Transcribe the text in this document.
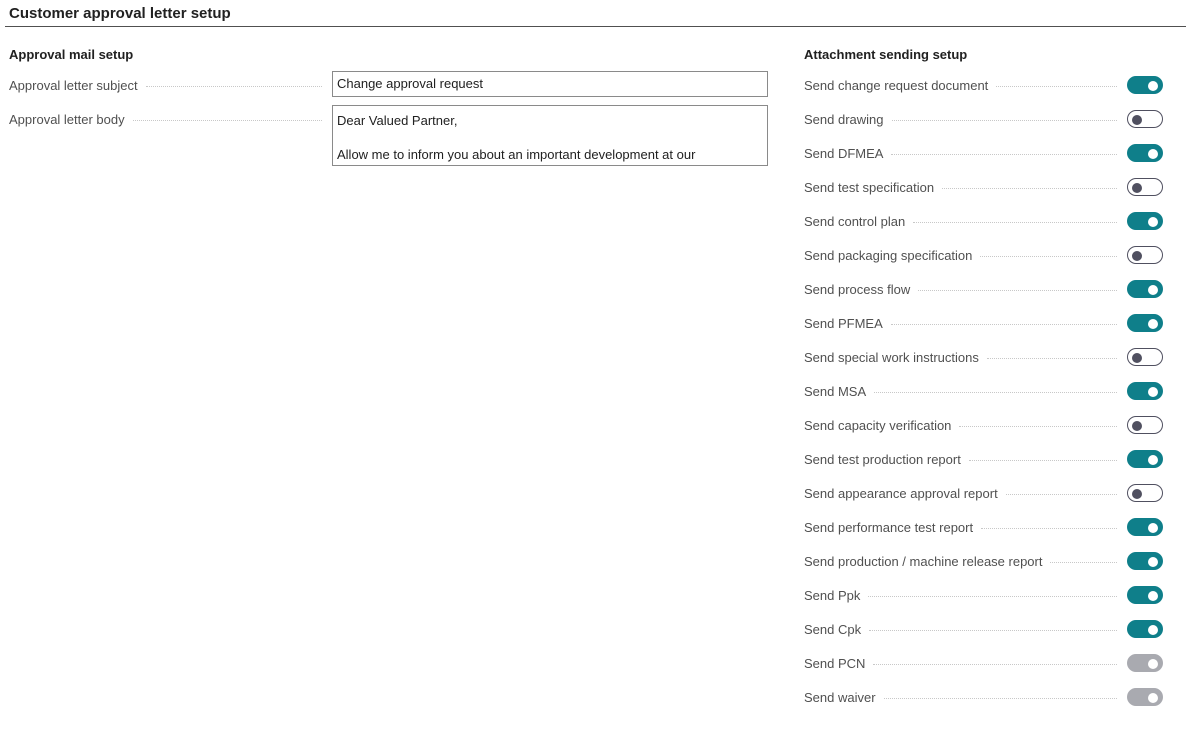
Customer approval letter setup
Approval mail setup
Approval letter subject	Change approval request
Approval letter body	Dear Valued Partner,

Allow me to inform you about an important development at our
Attachment sending setup
Send change request document
Send drawing
Send DFMEA
Send test specification
Send control plan
Send packaging specification
Send process flow
Send PFMEA
Send special work instructions
Send MSA
Send capacity verification
Send test production report
Send appearance approval report
Send performance test report
Send production / machine release report
Send Ppk
Send Cpk
Send PCN
Send waiver
